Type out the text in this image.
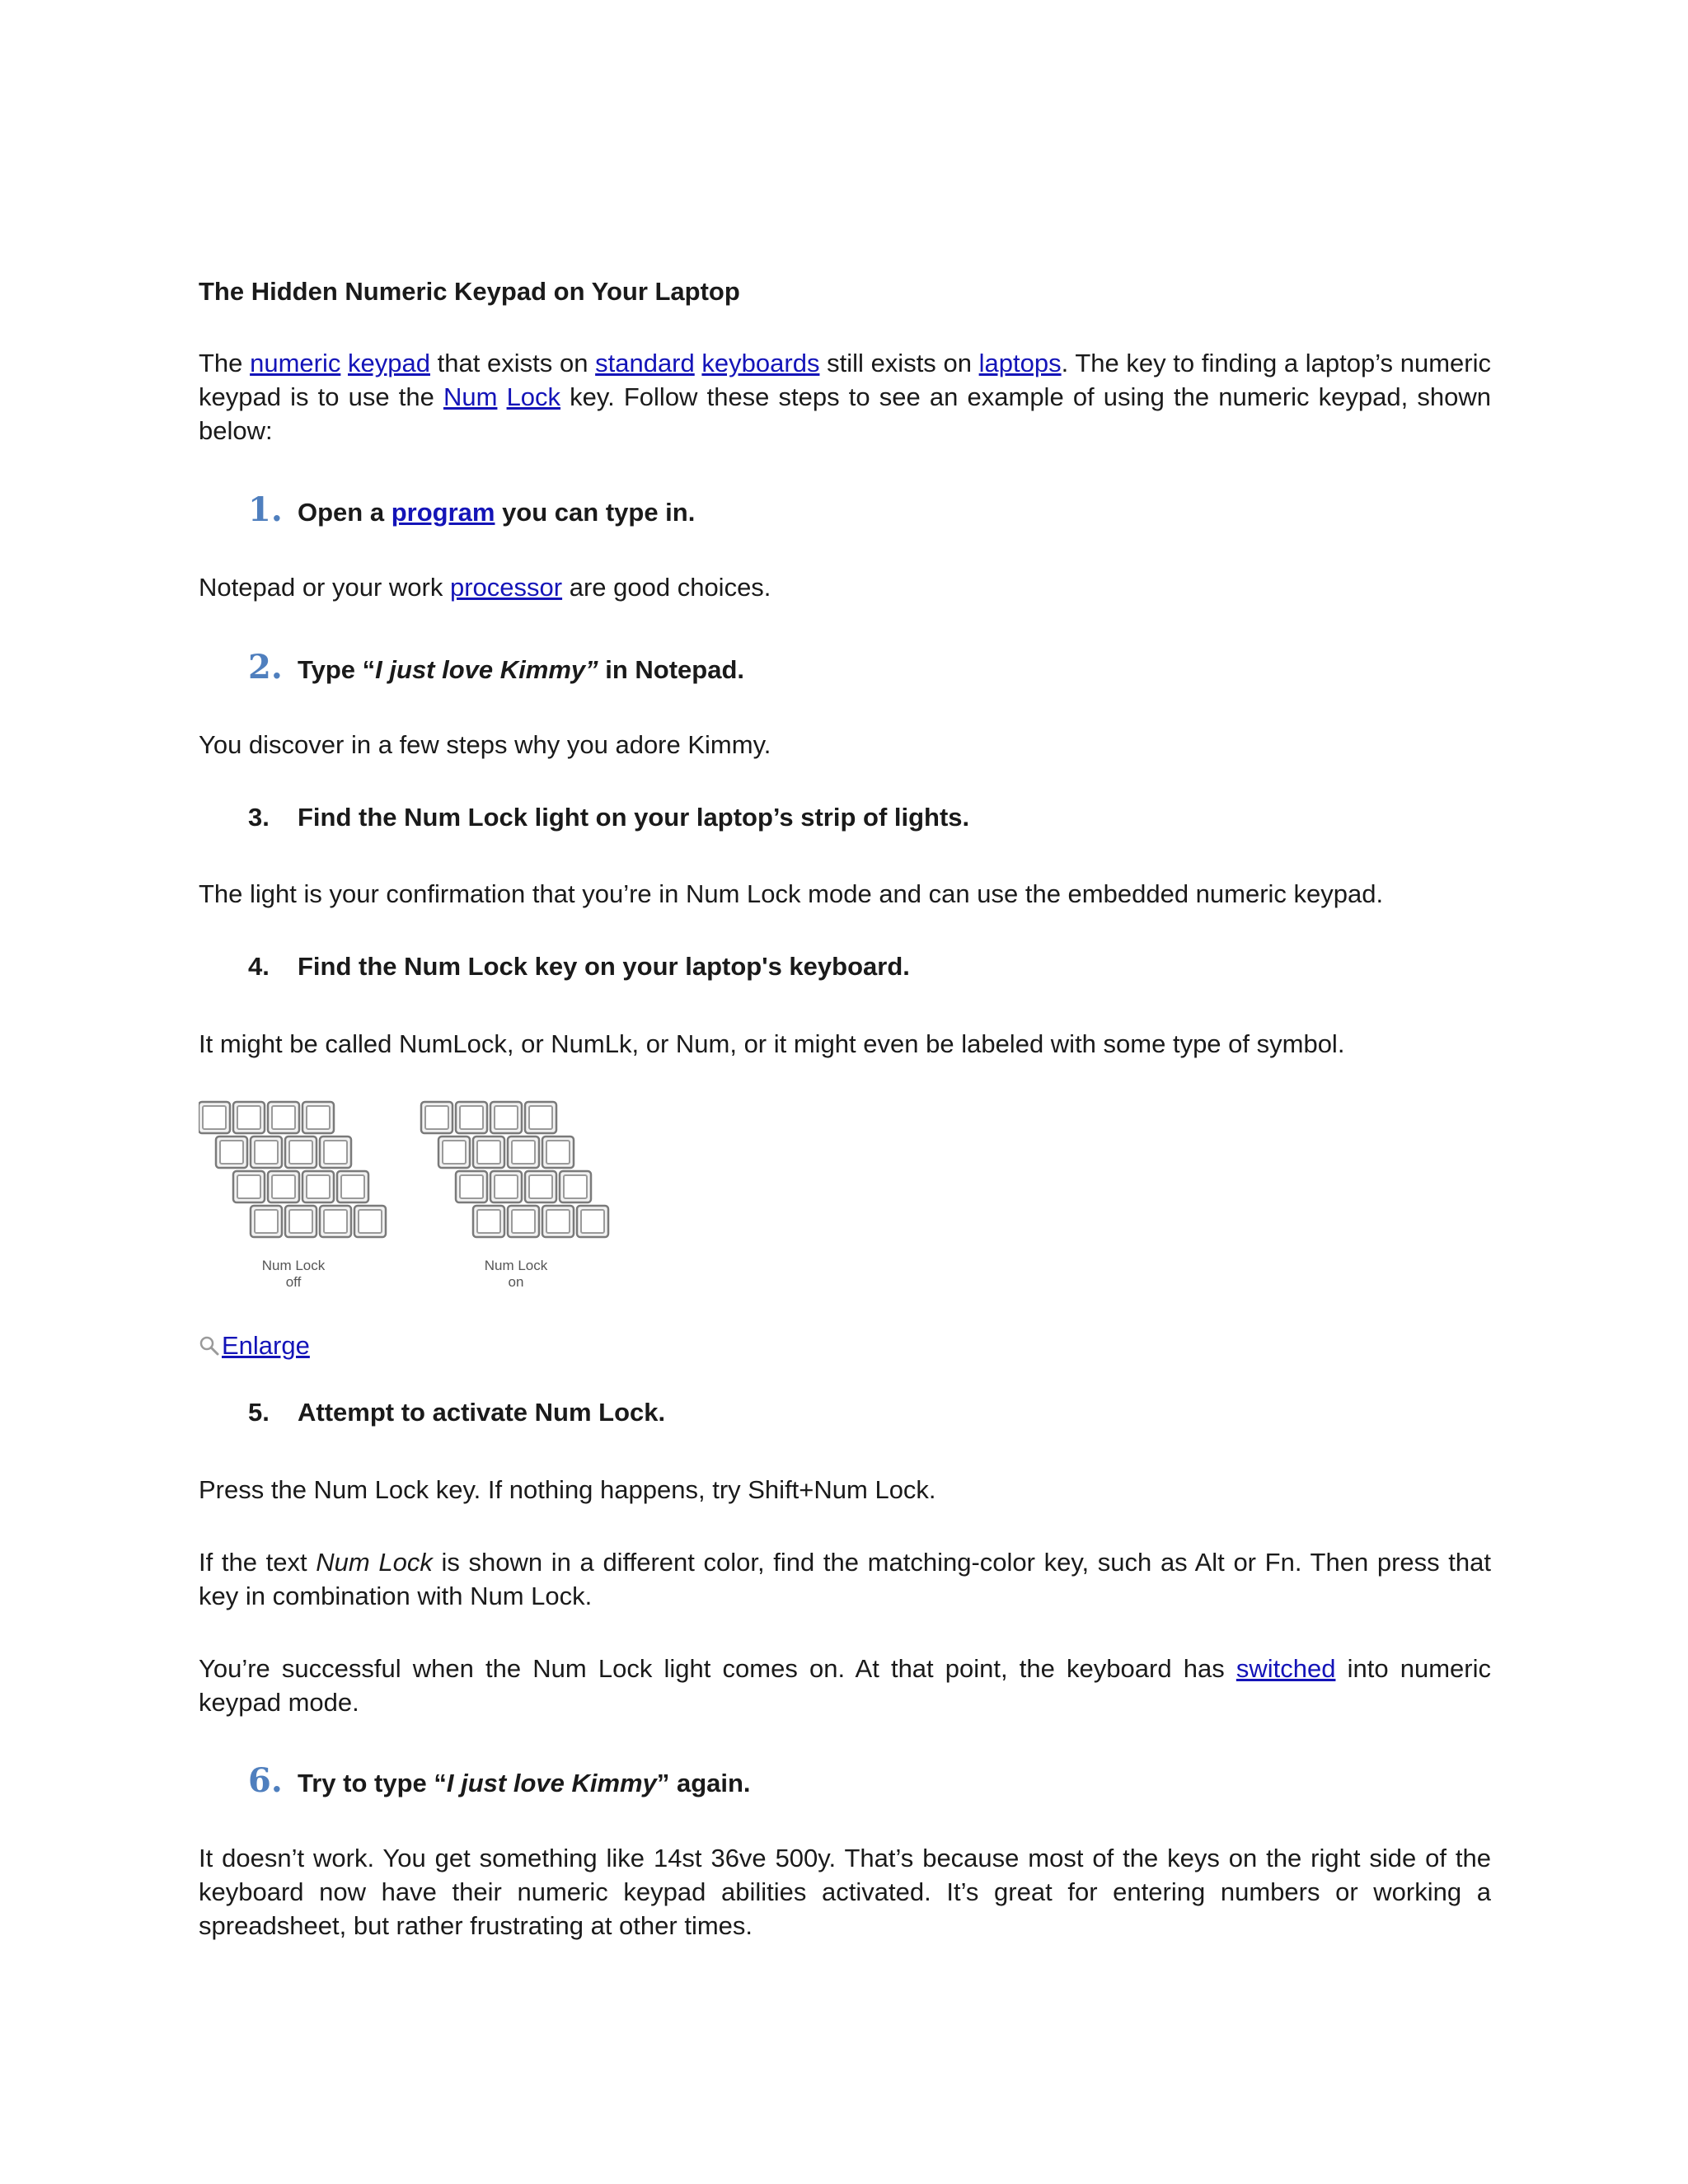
The Hidden Numeric Keypad on Your Laptop

The numeric keypad that exists on standard keyboards still exists on laptops. The key to finding a laptop’s numeric keypad is to use the Num Lock key. Follow these steps to see an example of using the numeric keypad, shown below:

1. Open a program you can type in.

Notepad or your work processor are good choices.

2. Type “I just love Kimmy” in Notepad.

You discover in a few steps why you adore Kimmy.

3.	Find the Num Lock light on your laptop’s strip of lights.

The light is your confirmation that you’re in Num Lock mode and can use the embedded numeric keypad.

4.	Find the Num Lock key on your laptop's keyboard.

It might be called NumLock, or NumLk, or Num, or it might even be labeled with some type of symbol.

Num Lock
off
Num Lock
on
Enlarge
5.	Attempt to activate Num Lock.

Press the Num Lock key. If nothing happens, try Shift+Num Lock.

If the text Num Lock is shown in a different color, find the matching-color key, such as Alt or Fn. Then press that key in combination with Num Lock.

You’re successful when the Num Lock light comes on. At that point, the keyboard has switched into numeric keypad mode.

6. Try to type “I just love Kimmy” again.

It doesn’t work. You get something like 14st 36ve 500y. That’s because most of the keys on the right side of the keyboard now have their numeric keypad abilities activated. It’s great for entering numbers or working a spreadsheet, but rather frustrating at other times.
